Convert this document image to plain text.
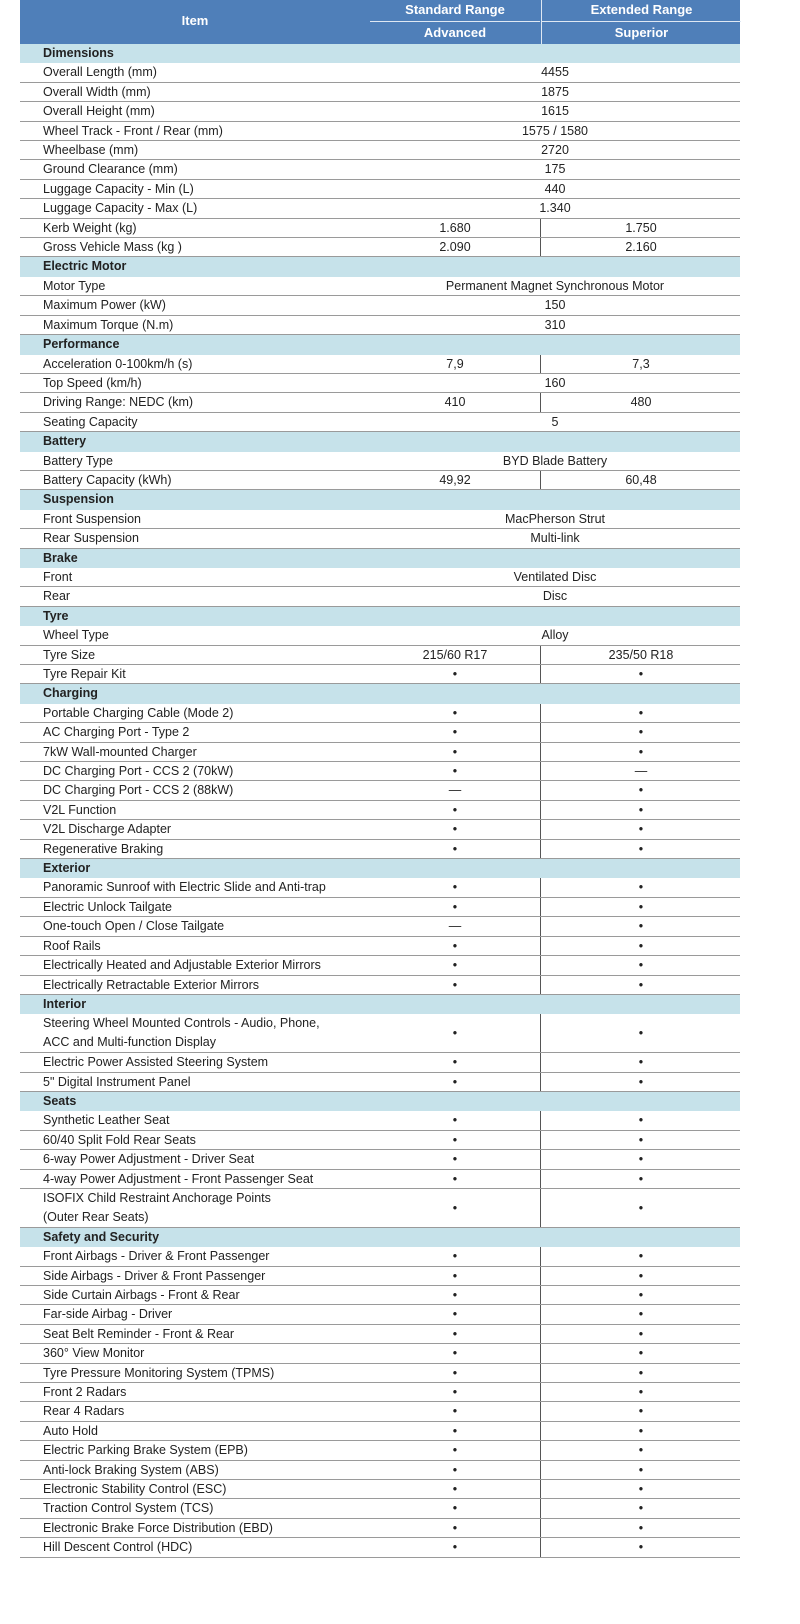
Item
Standard Range	Extended Range
Advanced	Superior
Dimensions
Overall Length (mm)	4455
Overall Width (mm)	1875
Overall Height (mm)	1615
Wheel Track - Front / Rear (mm)	1575 / 1580
Wheelbase (mm)	2720
Ground Clearance (mm)	175
Luggage Capacity - Min (L)	440
Luggage Capacity - Max (L)	1.340
Kerb Weight (kg)	1.680	1.750
Gross Vehicle Mass (kg )	2.090	2.160
Electric Motor
Motor Type	Permanent Magnet Synchronous Motor
Maximum Power (kW)	150
Maximum Torque (N.m)	310
Performance
Acceleration 0-100km/h (s)	7,9	7,3
Top Speed (km/h)	160
Driving Range: NEDC (km)	410	480
Seating Capacity	5
Battery
Battery Type	BYD Blade Battery
Battery Capacity (kWh)	49,92	60,48
Suspension
Front Suspension	MacPherson Strut
Rear Suspension	Multi-link
Brake
Front	Ventilated Disc
Rear	Disc
Tyre
Wheel Type	Alloy
Tyre Size	215/60 R17	235/50 R18
Tyre Repair Kit	•	•
Charging
Portable Charging Cable (Mode 2)	•	•
AC Charging Port - Type 2	•	•
7kW Wall-mounted Charger	•	•
DC Charging Port - CCS 2 (70kW)	•	—
DC Charging Port - CCS 2 (88kW)	—	•
V2L Function	•	•
V2L Discharge Adapter	•	•
Regenerative Braking	•	•
Exterior
Panoramic Sunroof with Electric Slide and Anti-trap	•	•
Electric Unlock Tailgate	•	•
One-touch Open / Close Tailgate	—	•
Roof Rails	•	•
Electrically Heated and Adjustable Exterior Mirrors	•	•
Electrically Retractable Exterior Mirrors	•	•
Interior
Steering Wheel Mounted Controls - Audio, Phone,
ACC and Multi-function Display
•	•
Electric Power Assisted Steering System	•	•
5" Digital Instrument Panel	•	•
Seats
Synthetic Leather Seat	•	•
60/40 Split Fold Rear Seats	•	•
6-way Power Adjustment - Driver Seat	•	•
4-way Power Adjustment - Front Passenger Seat	•	•
ISOFIX Child Restraint Anchorage Points
(Outer Rear Seats)
•	•
Safety and Security
Front Airbags - Driver & Front Passenger	•	•
Side Airbags - Driver & Front Passenger	•	•
Side Curtain Airbags - Front & Rear	•	•
Far-side Airbag - Driver	•	•
Seat Belt Reminder - Front & Rear	•	•
360° View Monitor	•	•
Tyre Pressure Monitoring System (TPMS)	•	•
Front 2 Radars	•	•
Rear 4 Radars	•	•
Auto Hold	•	•
Electric Parking Brake System (EPB)	•	•
Anti-lock Braking System (ABS)	•	•
Electronic Stability Control (ESC)	•	•
Traction Control System (TCS)	•	•
Electronic Brake Force Distribution (EBD)	•	•
Hill Descent Control (HDC)	•	•
